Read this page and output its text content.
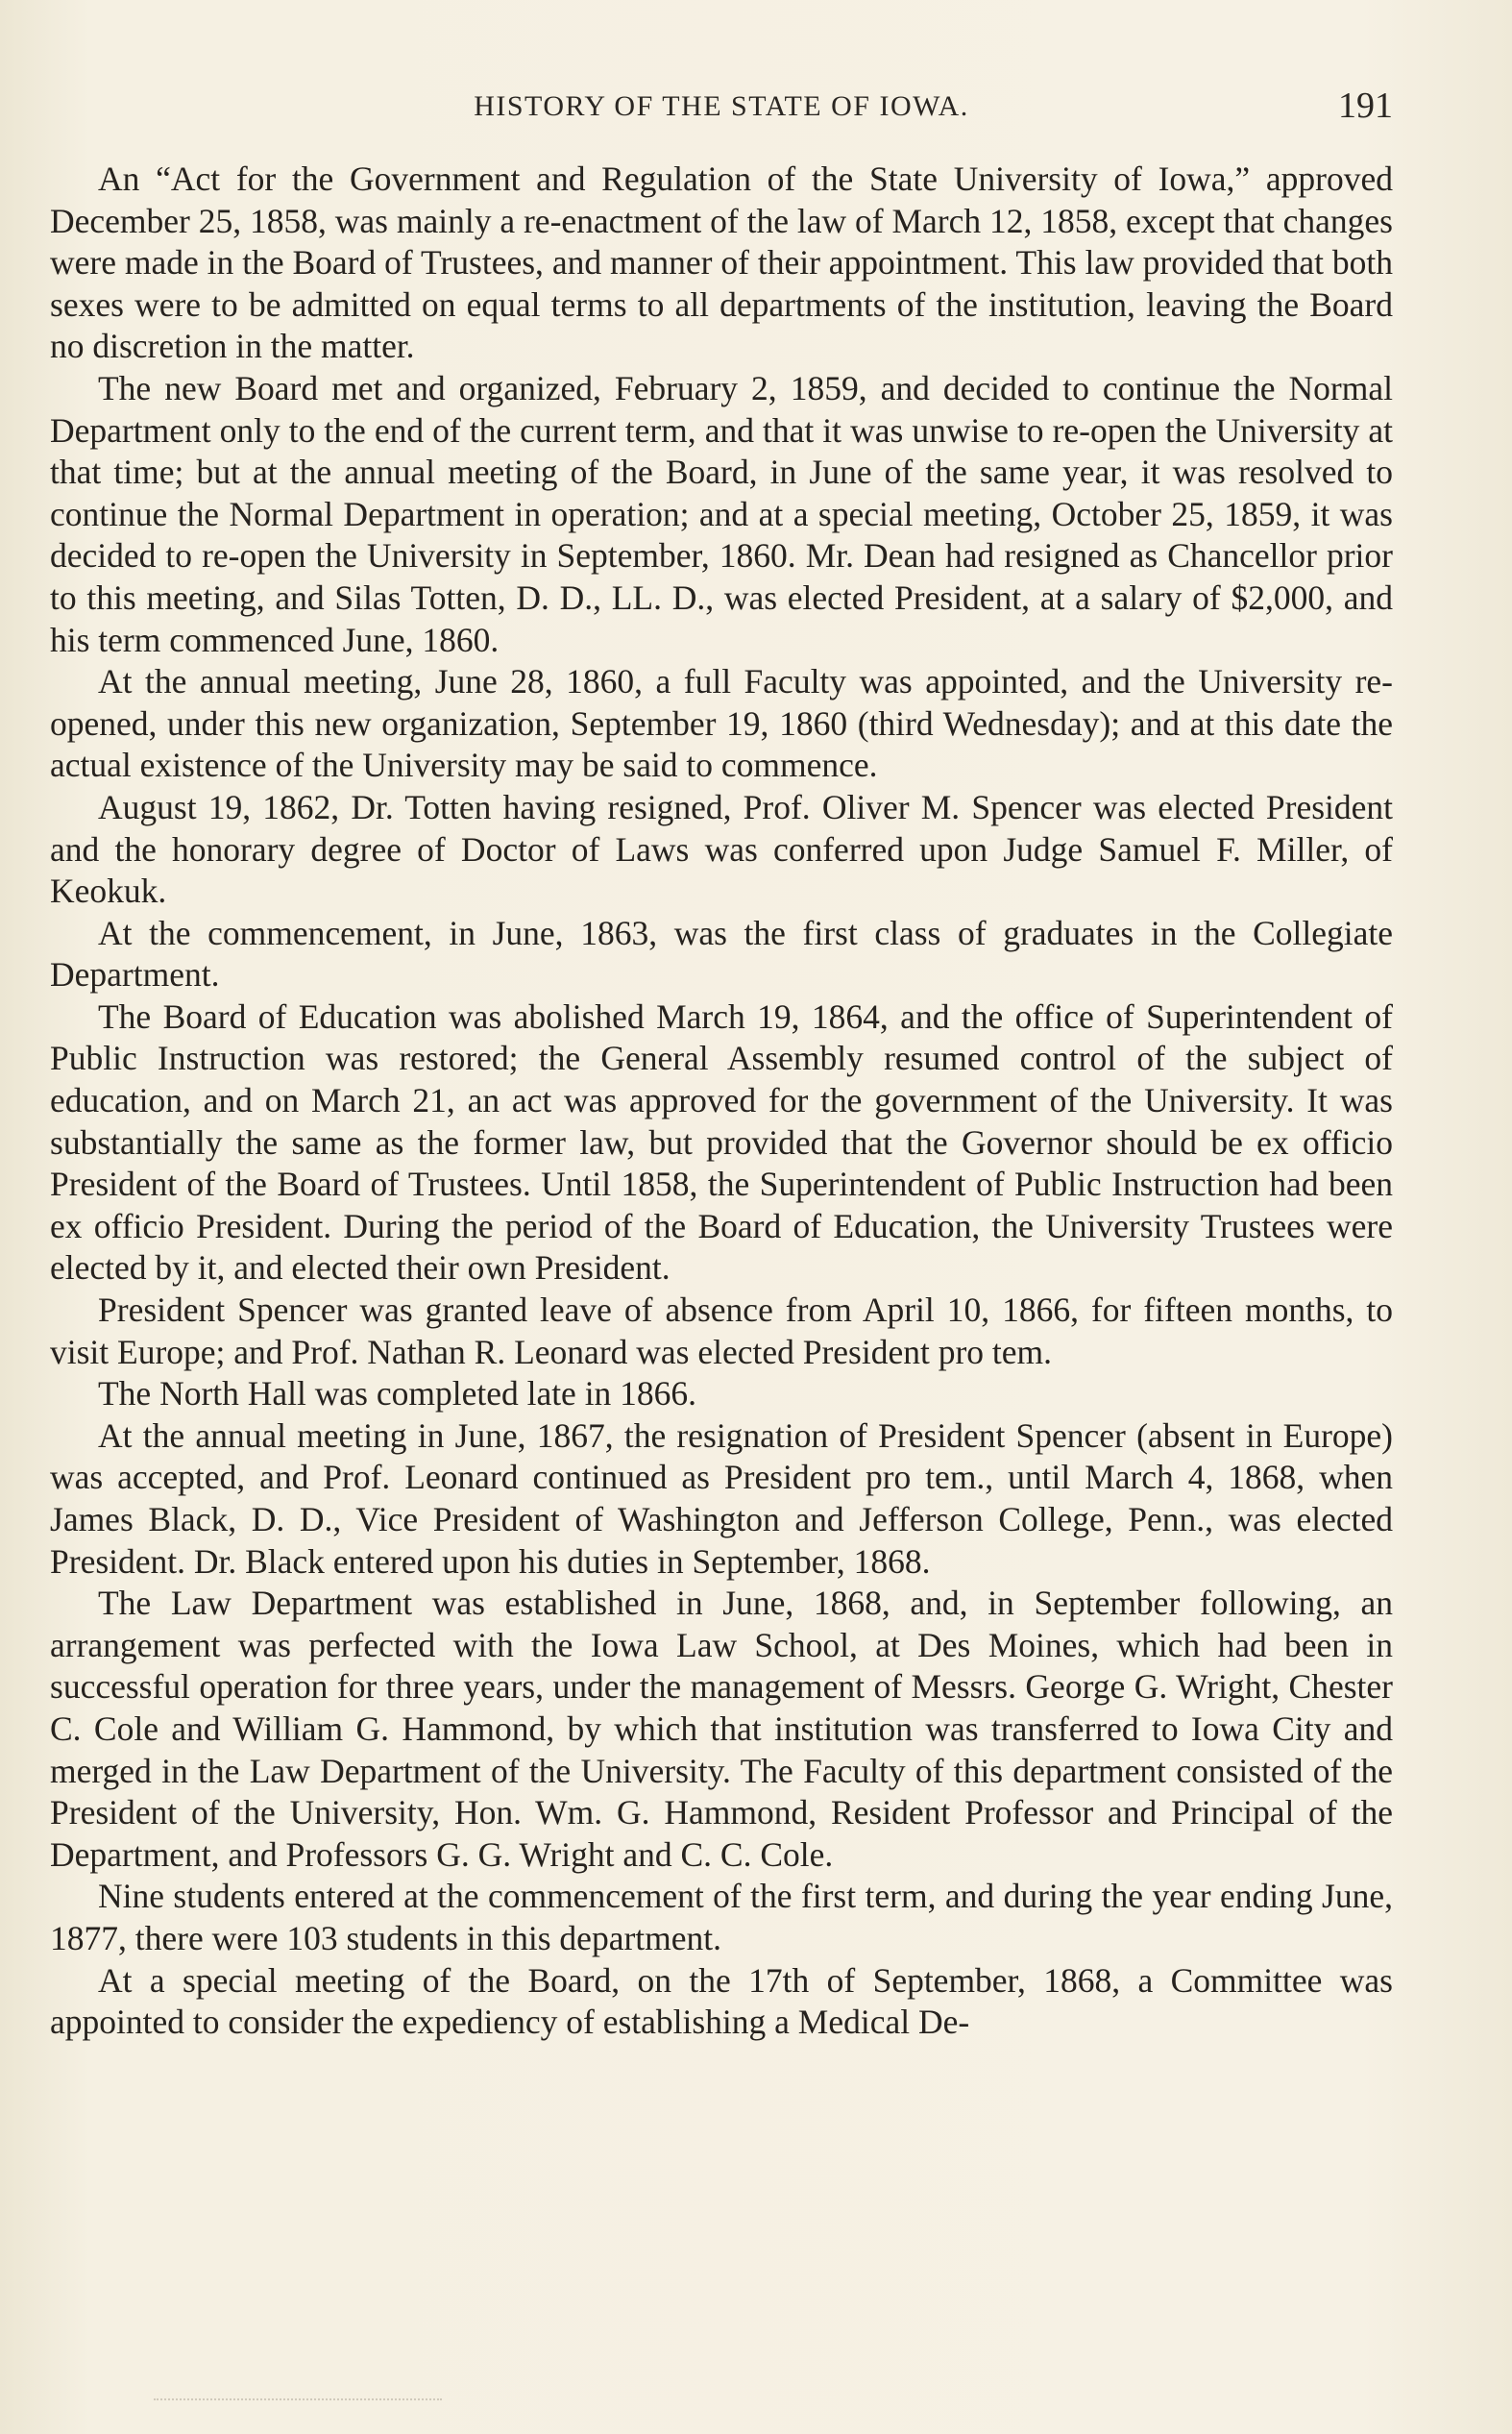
HISTORY OF THE STATE OF IOWA.	191

An “Act for the Government and Regulation of the State University of Iowa,” approved December 25, 1858, was mainly a re-enactment of the law of March 12, 1858, except that changes were made in the Board of Trustees, and manner of their appointment. This law provided that both sexes were to be admitted on equal terms to all departments of the institution, leaving the Board no discretion in the matter.

The new Board met and organized, February 2, 1859, and decided to continue the Normal Department only to the end of the current term, and that it was unwise to re-open the University at that time; but at the annual meeting of the Board, in June of the same year, it was resolved to continue the Normal Department in operation; and at a special meeting, October 25, 1859, it was decided to re-open the University in September, 1860. Mr. Dean had resigned as Chancellor prior to this meeting, and Silas Totten, D. D., LL. D., was elected President, at a salary of $2,000, and his term commenced June, 1860.

At the annual meeting, June 28, 1860, a full Faculty was appointed, and the University re-opened, under this new organization, September 19, 1860 (third Wednesday); and at this date the actual existence of the University may be said to commence.

August 19, 1862, Dr. Totten having resigned, Prof. Oliver M. Spencer was elected President and the honorary degree of Doctor of Laws was conferred upon Judge Samuel F. Miller, of Keokuk.

At the commencement, in June, 1863, was the first class of graduates in the Collegiate Department.

The Board of Education was abolished March 19, 1864, and the office of Superintendent of Public Instruction was restored; the General Assembly resumed control of the subject of education, and on March 21, an act was approved for the government of the University. It was substantially the same as the former law, but provided that the Governor should be ex officio President of the Board of Trustees. Until 1858, the Superintendent of Public Instruction had been ex officio President. During the period of the Board of Education, the University Trustees were elected by it, and elected their own President.

President Spencer was granted leave of absence from April 10, 1866, for fifteen months, to visit Europe; and Prof. Nathan R. Leonard was elected President pro tem.

The North Hall was completed late in 1866.

At the annual meeting in June, 1867, the resignation of President Spencer (absent in Europe) was accepted, and Prof. Leonard continued as President pro tem., until March 4, 1868, when James Black, D. D., Vice President of Washington and Jefferson College, Penn., was elected President. Dr. Black entered upon his duties in September, 1868.

The Law Department was established in June, 1868, and, in September following, an arrangement was perfected with the Iowa Law School, at Des Moines, which had been in successful operation for three years, under the management of Messrs. George G. Wright, Chester C. Cole and William G. Hammond, by which that institution was transferred to Iowa City and merged in the Law Department of the University. The Faculty of this department consisted of the President of the University, Hon. Wm. G. Hammond, Resident Professor and Principal of the Department, and Professors G. G. Wright and C. C. Cole.

Nine students entered at the commencement of the first term, and during the year ending June, 1877, there were 103 students in this department.

At a special meeting of the Board, on the 17th of September, 1868, a Committee was appointed to consider the expediency of establishing a Medical De-
